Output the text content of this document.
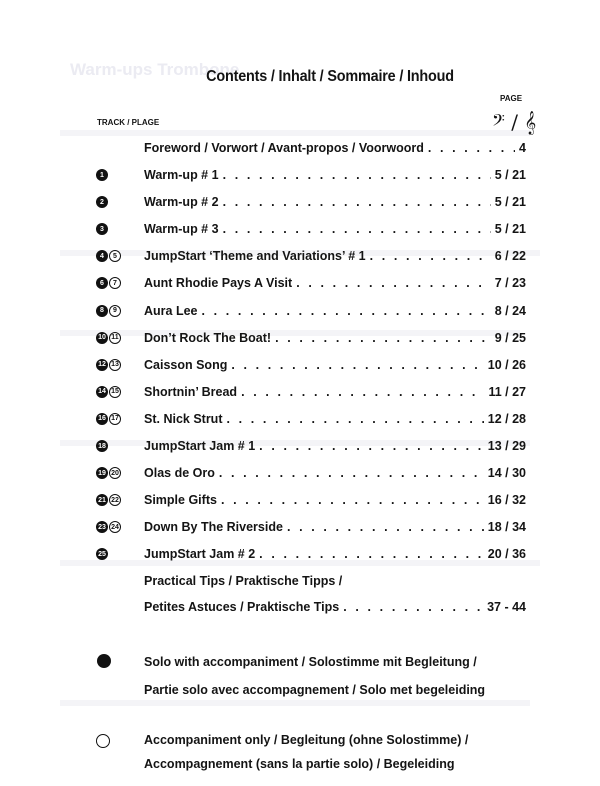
Warm-ups Trombone
Contents / Inhalt / Sommaire / Inhoud
PAGE
TRACK / PLAGE	𝄢 / 𝄞
Foreword / Vorwort / Avant-propos / Voorwoord . . .	4
1	Warm-up # 1 . . .	5 / 21
2	Warm-up # 2 . . .	5 / 21
3	Warm-up # 3 . . .	5 / 21
4	5	JumpStart ‘Theme and Variations’ # 1 . . .	6 / 22
6	7	Aunt Rhodie Pays A Visit . . .	7 / 23
8	9	Aura Lee . . .	8 / 24
10 11 Don’t Rock The Boat! . . .	9 / 25
12 13 Caisson Song . . .	10 / 26
14 15 Shortnin’ Bread . . .	11 / 27
16 17 St. Nick Strut . . .	12 / 28
18	JumpStart Jam # 1 . . .	13 / 29
19 20 Olas de Oro . . .	14 / 30
21 22 Simple Gifts . . .	16 / 32
23 24 Down By The Riverside . . .	18 / 34
25	JumpStart Jam # 2 . . .	20 / 36
Practical Tips / Praktische Tipps /
Petites Astuces / Praktische Tips . . .	37 - 44
Solo with accompaniment / Solostimme mit Begleitung /
Partie solo avec accompagnement / Solo met begeleiding
Accompaniment only / Begleitung (ohne Solostimme) /
Accompagnement (sans la partie solo) / Begeleiding
